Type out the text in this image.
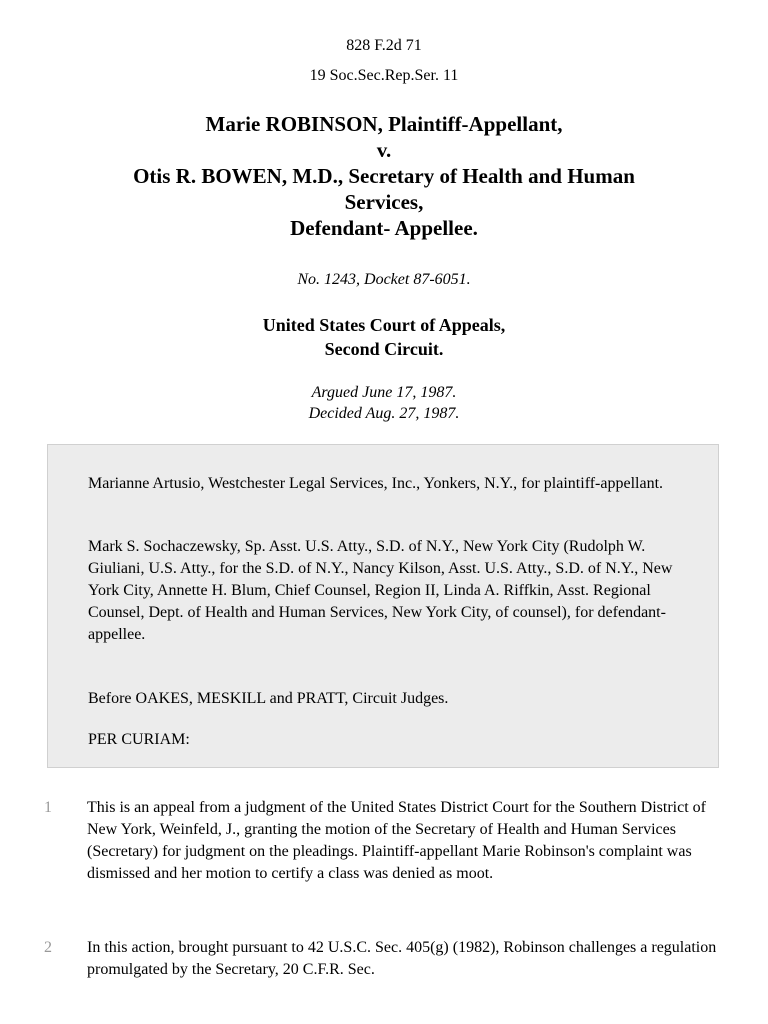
828 F.2d 71
19 Soc.Sec.Rep.Ser. 11
Marie ROBINSON, Plaintiff-Appellant,
v.
Otis R. BOWEN, M.D., Secretary of Health and Human
Services,
Defendant- Appellee.
No. 1243, Docket 87-6051.
United States Court of Appeals,
Second Circuit.
Argued June 17, 1987.
Decided Aug. 27, 1987.

Marianne Artusio, Westchester Legal Services, Inc., Yonkers, N.Y., for plaintiff-appellant.

Mark S. Sochaczewsky, Sp. Asst. U.S. Atty., S.D. of N.Y., New York City (Rudolph W. Giuliani, U.S. Atty., for the S.D. of N.Y., Nancy Kilson, Asst. U.S. Atty., S.D. of N.Y., New York City, Annette H. Blum, Chief Counsel, Region II, Linda A. Riffkin, Asst. Regional Counsel, Dept. of Health and Human Services, New York City, of counsel), for defendant-appellee.

Before OAKES, MESKILL and PRATT, Circuit Judges.

PER CURIAM:

1	This is an appeal from a judgment of the United States District Court for the Southern District of New York, Weinfeld, J., granting the motion of the Secretary of Health and Human Services (Secretary) for judgment on the pleadings. Plaintiff-appellant Marie Robinson's complaint was dismissed and her motion to certify a class was denied as moot.

2	In this action, brought pursuant to 42 U.S.C. Sec. 405(g) (1982), Robinson challenges a regulation promulgated by the Secretary, 20 C.F.R. Sec.
